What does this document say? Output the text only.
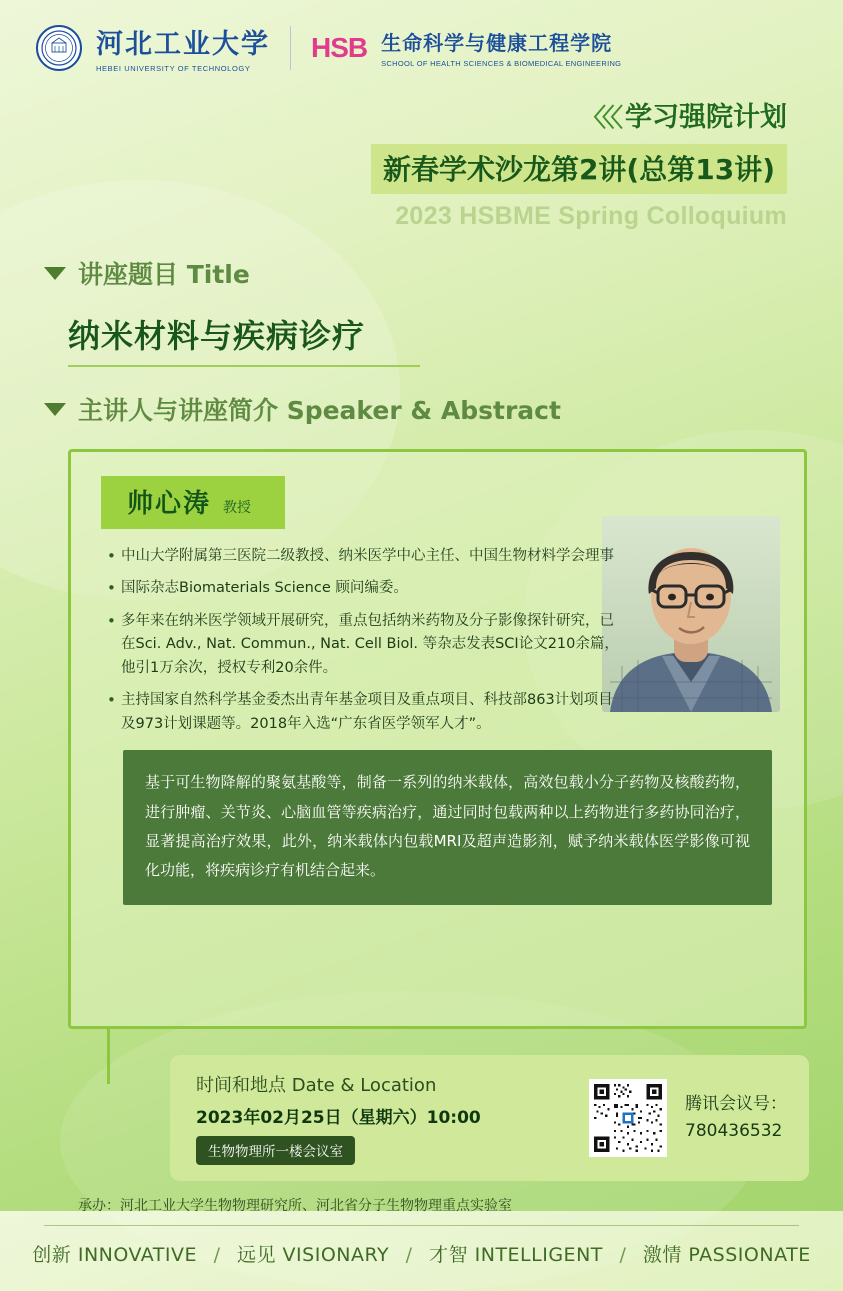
河北工业大学
HEBEI UNIVERSITY OF TECHNOLOGY
HSB 生命科学与健康工程学院
SCHOOL OF HEALTH SCIENCES & BIOMEDICAL ENGINEERING
〈〈〈 学习强院计划
新春学术沙龙第2讲(总第13讲)
2023 HSBME Spring Colloquium
讲座题目 Title
纳米材料与疾病诊疗
主讲人与讲座简介 Speaker & Abstract
帅心涛 教授
• 中山大学附属第三医院二级教授、纳米医学中心主任、中国生物材料学会理事
• 国际杂志Biomaterials Science 顾问编委。
• 多年来在纳米医学领域开展研究，重点包括纳米药物及分子影像探针研究，已在Sci. Adv., Nat. Commun., Nat. Cell Biol. 等杂志发表SCI论文210余篇，他引1万余次，授权专利20余件。
• 主持国家自然科学基金委杰出青年基金项目及重点项目、科技部863计划项目及973计划课题等。2018年入选“广东省医学领军人才”。
基于可生物降解的聚氨基酸等，制备一系列的纳米载体，高效包载小分子药物及核酸药物，进行肿瘤、关节炎、心脑血管等疾病治疗，通过同时包载两种以上药物进行多药协同治疗，显著提高治疗效果，此外，纳米载体内包载MRI及超声造影剂，赋予纳米载体医学影像可视化功能，将疾病诊疗有机结合起来。
时间和地点 Date & Location
2023年02月25日（星期六）10:00
生物物理所一楼会议室
腾讯会议号：
780436532
承办：河北工业大学生物物理研究所、河北省分子生物物理重点实验室
创新 INNOVATIVE / 远见 VISIONARY / 才智 INTELLIGENT / 激情 PASSIONATE
